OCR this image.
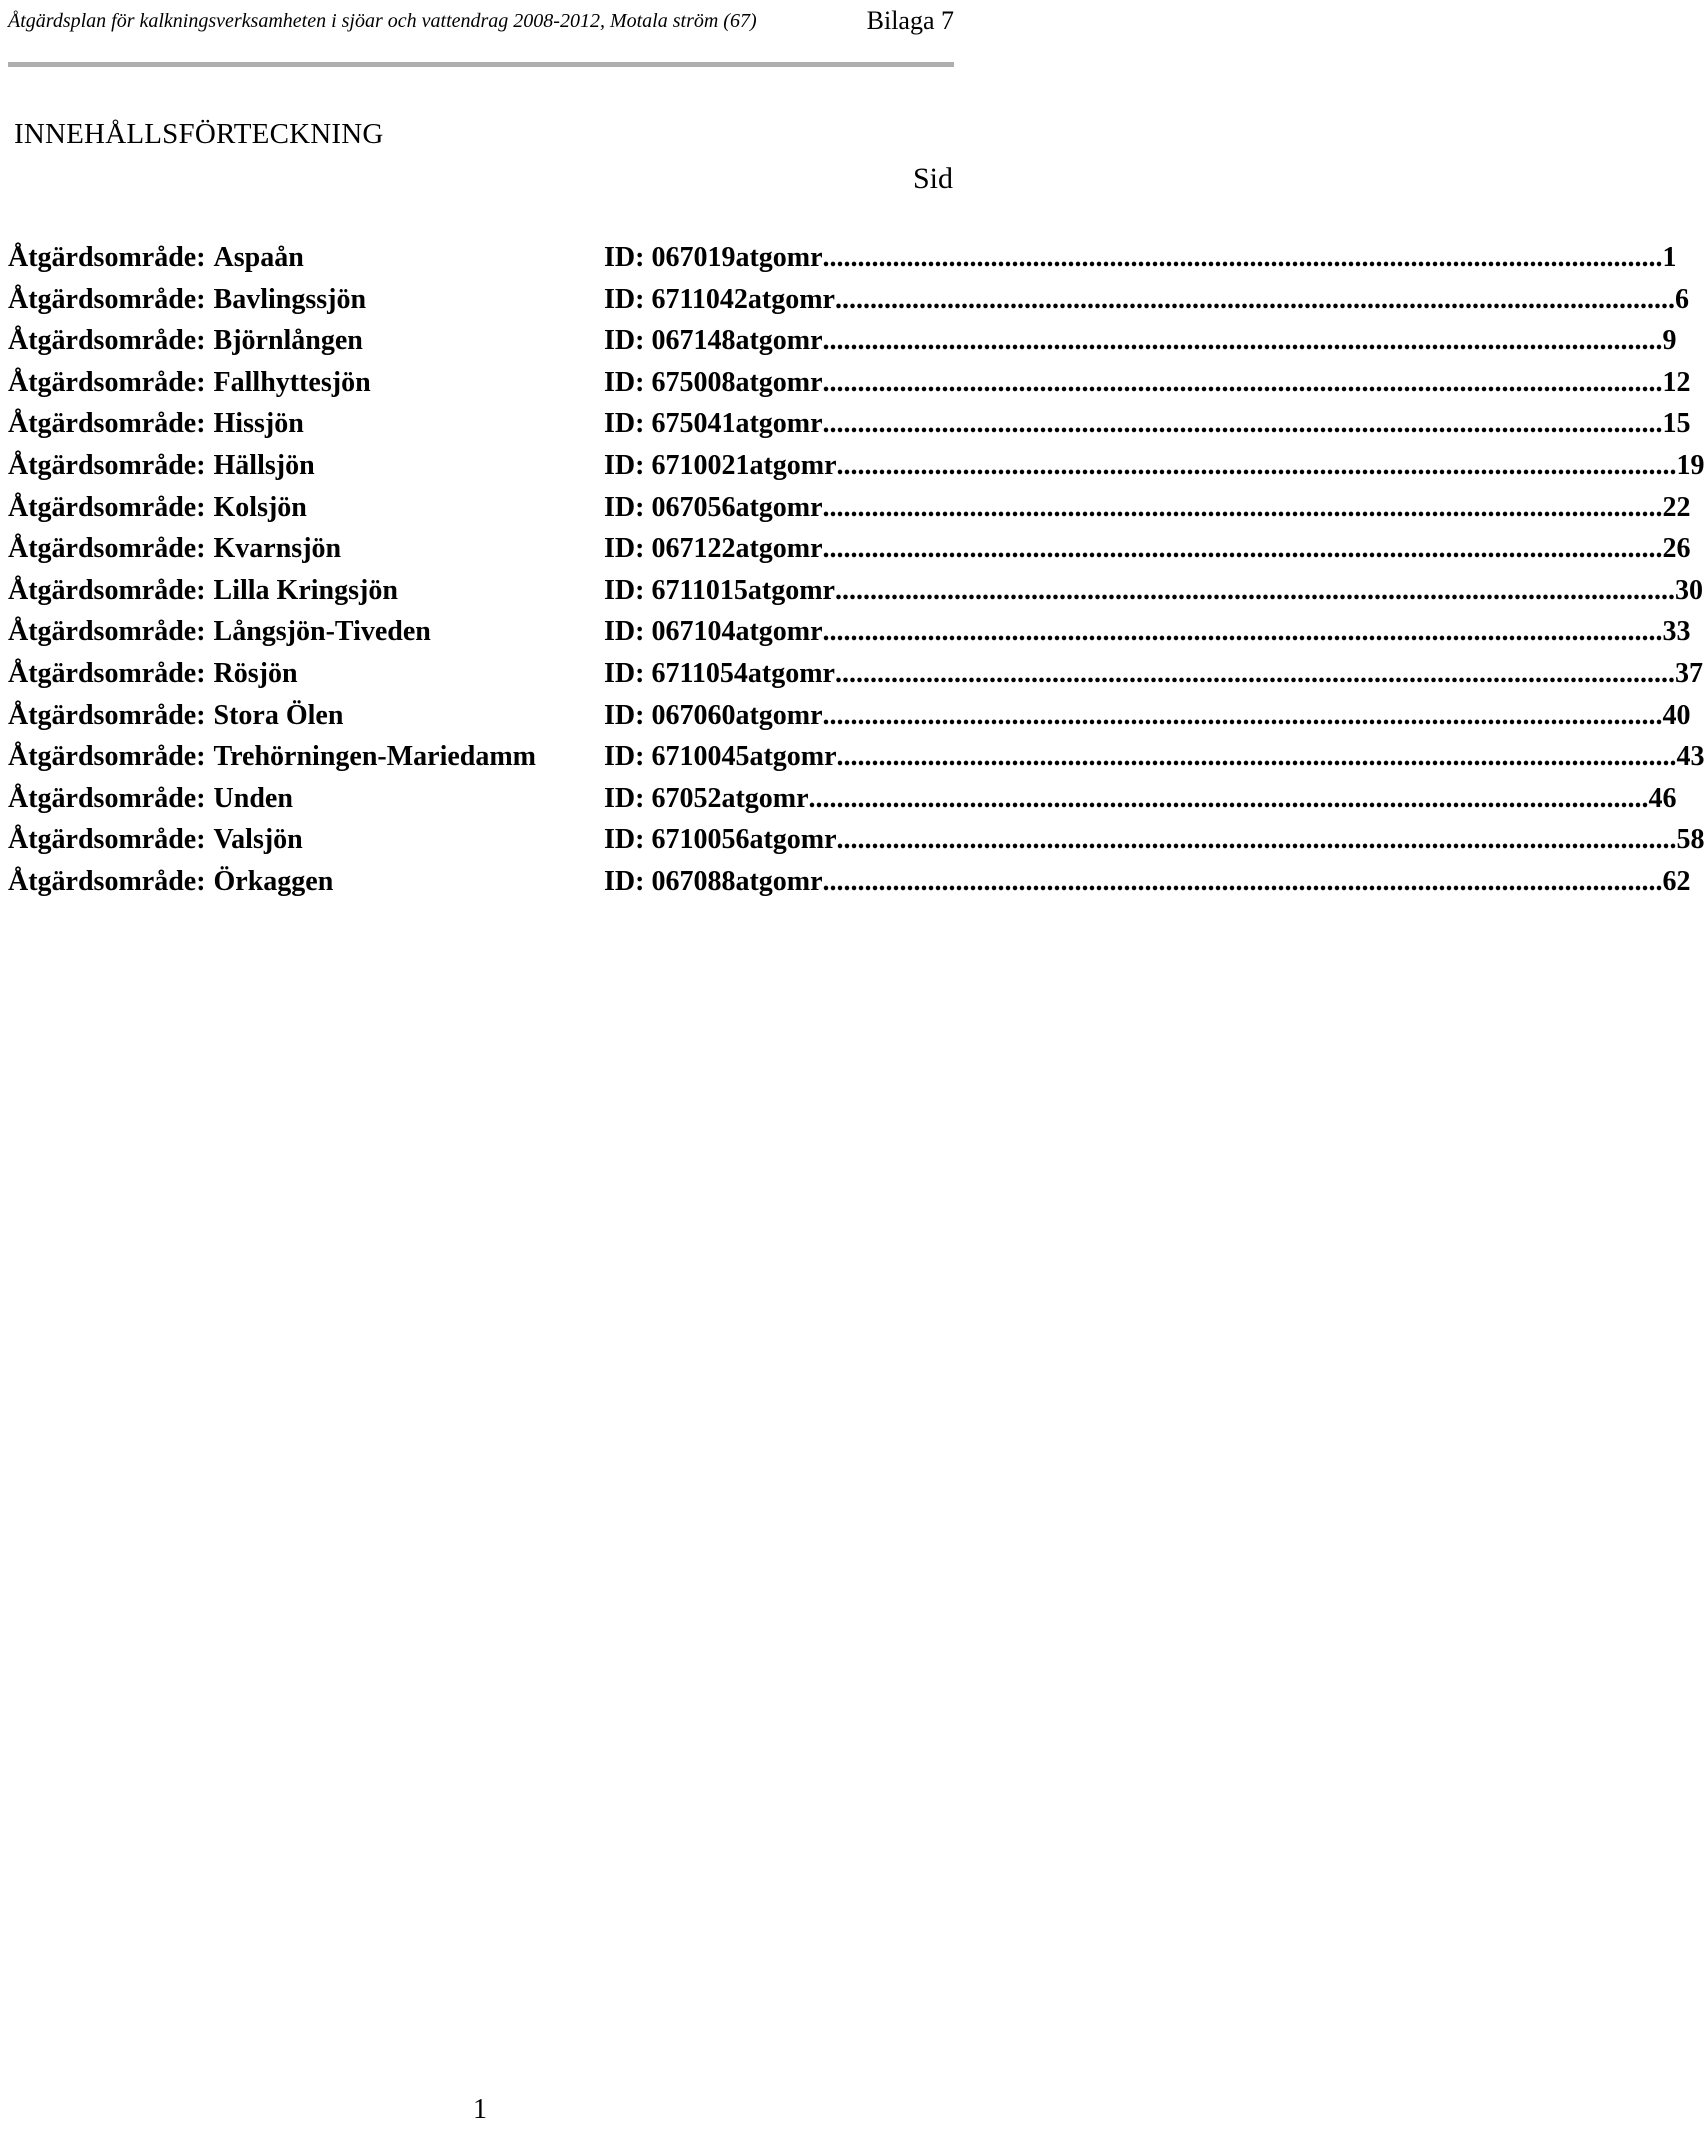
Åtgärdsplan för kalkningsverksamheten i sjöar och vattendrag 2008-2012, Motala ström (67)	Bilaga 7
INNEHÅLLSFÖRTECKNING
Sid
Åtgärdsområde: Aspaån	ID: 067019atgomr ........................................................................................................................ 1
Åtgärdsområde: Bavlingssjön	ID: 6711042atgomr ........................................................................................................................ 6
Åtgärdsområde: Björnlången	ID: 067148atgomr ........................................................................................................................ 9
Åtgärdsområde: Fallhyttesjön	ID: 675008atgomr ........................................................................................................................ 12
Åtgärdsområde: Hissjön	ID: 675041atgomr ........................................................................................................................ 15
Åtgärdsområde: Hällsjön	ID: 6710021atgomr ........................................................................................................................ 19
Åtgärdsområde: Kolsjön	ID: 067056atgomr ........................................................................................................................ 22
Åtgärdsområde: Kvarnsjön	ID: 067122atgomr ........................................................................................................................ 26
Åtgärdsområde: Lilla Kringsjön	ID: 6711015atgomr ........................................................................................................................ 30
Åtgärdsområde: Långsjön-Tiveden	ID: 067104atgomr ........................................................................................................................ 33
Åtgärdsområde: Rösjön	ID: 6711054atgomr ........................................................................................................................ 37
Åtgärdsområde: Stora Ölen	ID: 067060atgomr ........................................................................................................................ 40
Åtgärdsområde: Trehörningen-Mariedamm ID: 6710045atgomr ........................................................................................................................ 43
Åtgärdsområde: Unden	ID: 67052atgomr ........................................................................................................................ 46
Åtgärdsområde: Valsjön	ID: 6710056atgomr ........................................................................................................................ 58
Åtgärdsområde: Örkaggen	ID: 067088atgomr ........................................................................................................................ 62
1
